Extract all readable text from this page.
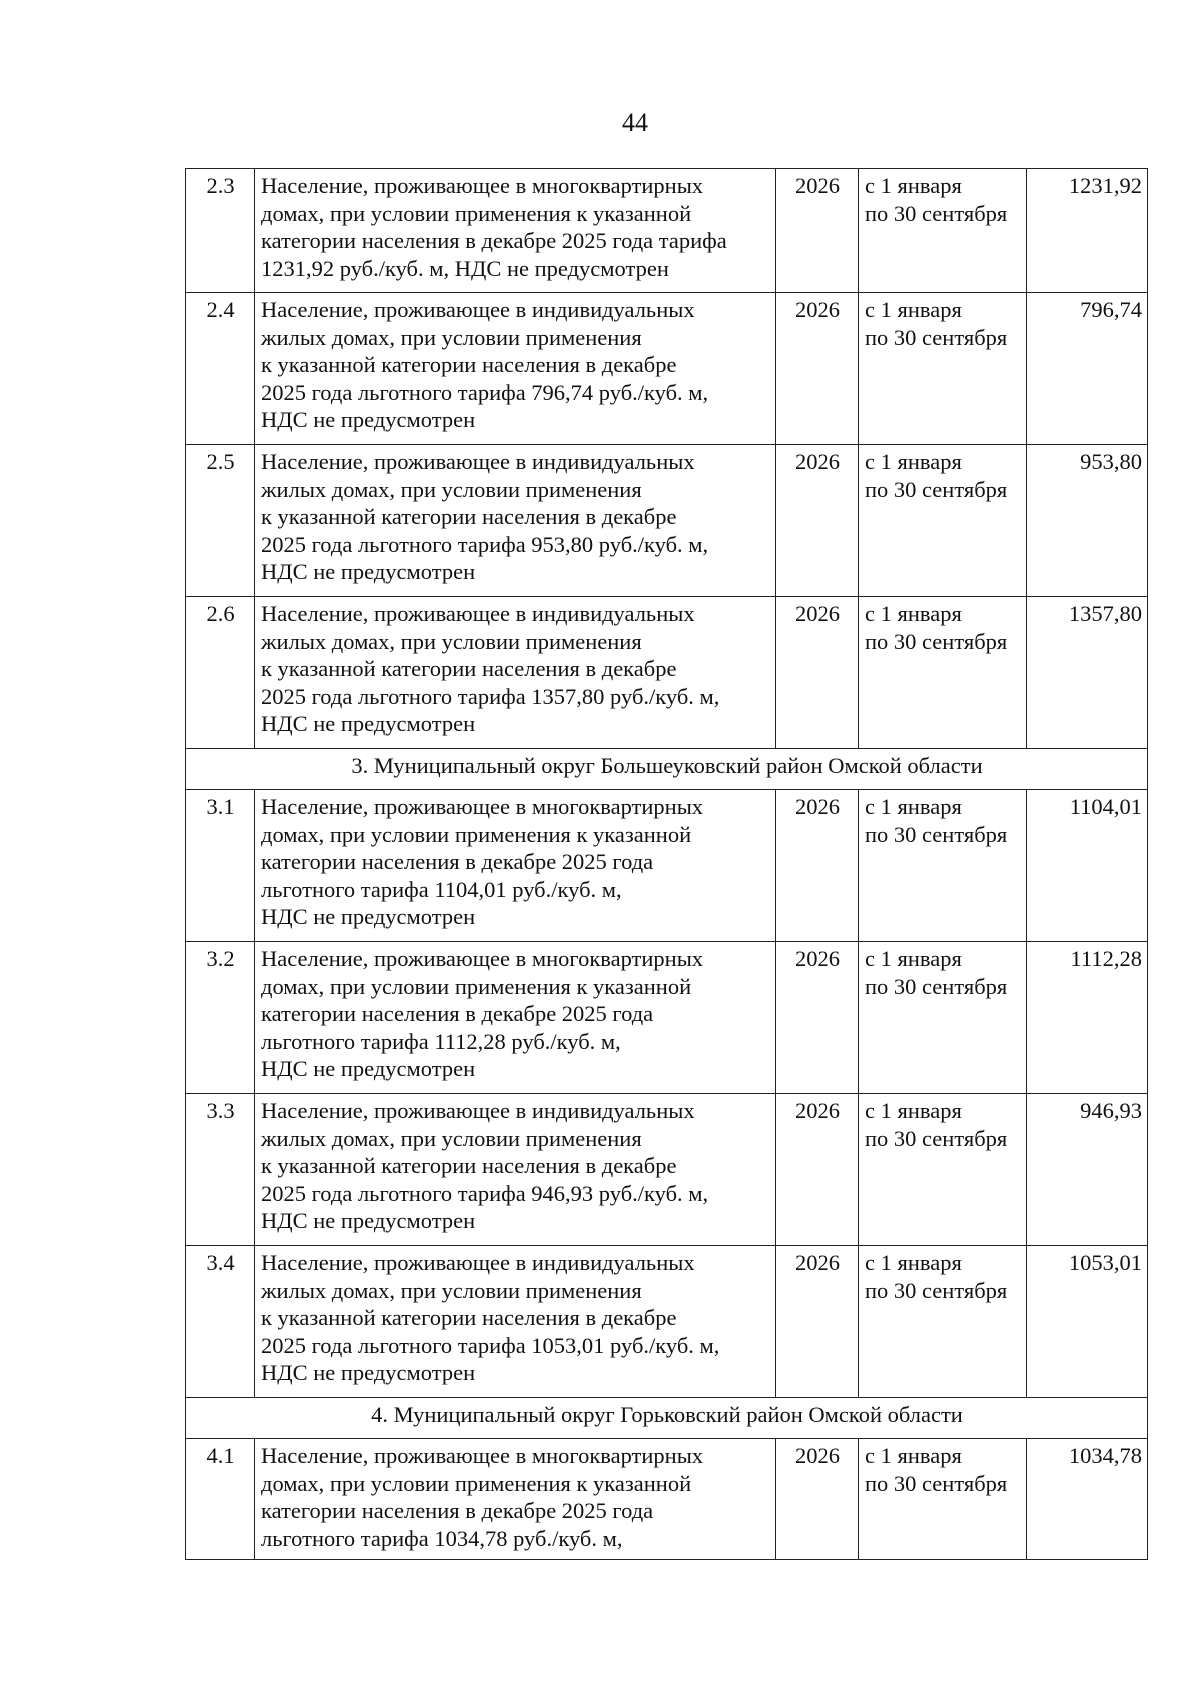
44
2.3	Население, проживающее в многоквартирных
домах, при условии применения к указанной
категории населения в декабре 2025 года тарифа
1231,92 руб./куб. м, НДС не предусмотрен	2026	с 1 января
по 30 сентября	1231,92
2.4	Население, проживающее в индивидуальных
жилых домах, при условии применения
к указанной категории населения в декабре
2025 года льготного тарифа 796,74 руб./куб. м,
НДС не предусмотрен	2026	с 1 января
по 30 сентября	796,74
2.5	Население, проживающее в индивидуальных
жилых домах, при условии применения
к указанной категории населения в декабре
2025 года льготного тарифа 953,80 руб./куб. м,
НДС не предусмотрен	2026	с 1 января
по 30 сентября	953,80
2.6	Население, проживающее в индивидуальных
жилых домах, при условии применения
к указанной категории населения в декабре
2025 года льготного тарифа 1357,80 руб./куб. м,
НДС не предусмотрен	2026	с 1 января
по 30 сентября	1357,80
3. Муниципальный округ Большеуковский район Омской области				
3.1	Население, проживающее в многоквартирных
домах, при условии применения к указанной
категории населения в декабре 2025 года
льготного тарифа 1104,01 руб./куб. м,
НДС не предусмотрен	2026	с 1 января
по 30 сентября	1104,01
3.2	Население, проживающее в многоквартирных
домах, при условии применения к указанной
категории населения в декабре 2025 года
льготного тарифа 1112,28 руб./куб. м,
НДС не предусмотрен	2026	с 1 января
по 30 сентября	1112,28
3.3	Население, проживающее в индивидуальных
жилых домах, при условии применения
к указанной категории населения в декабре
2025 года льготного тарифа 946,93 руб./куб. м,
НДС не предусмотрен	2026	с 1 января
по 30 сентября	946,93
3.4	Население, проживающее в индивидуальных
жилых домах, при условии применения
к указанной категории населения в декабре
2025 года льготного тарифа 1053,01 руб./куб. м,
НДС не предусмотрен	2026	с 1 января
по 30 сентября	1053,01
4. Муниципальный округ Горьковский район Омской области				
4.1	Население, проживающее в многоквартирных
домах, при условии применения к указанной
категории населения в декабре 2025 года
льготного тарифа 1034,78 руб./куб. м,	2026	с 1 января
по 30 сентября	1034,78
